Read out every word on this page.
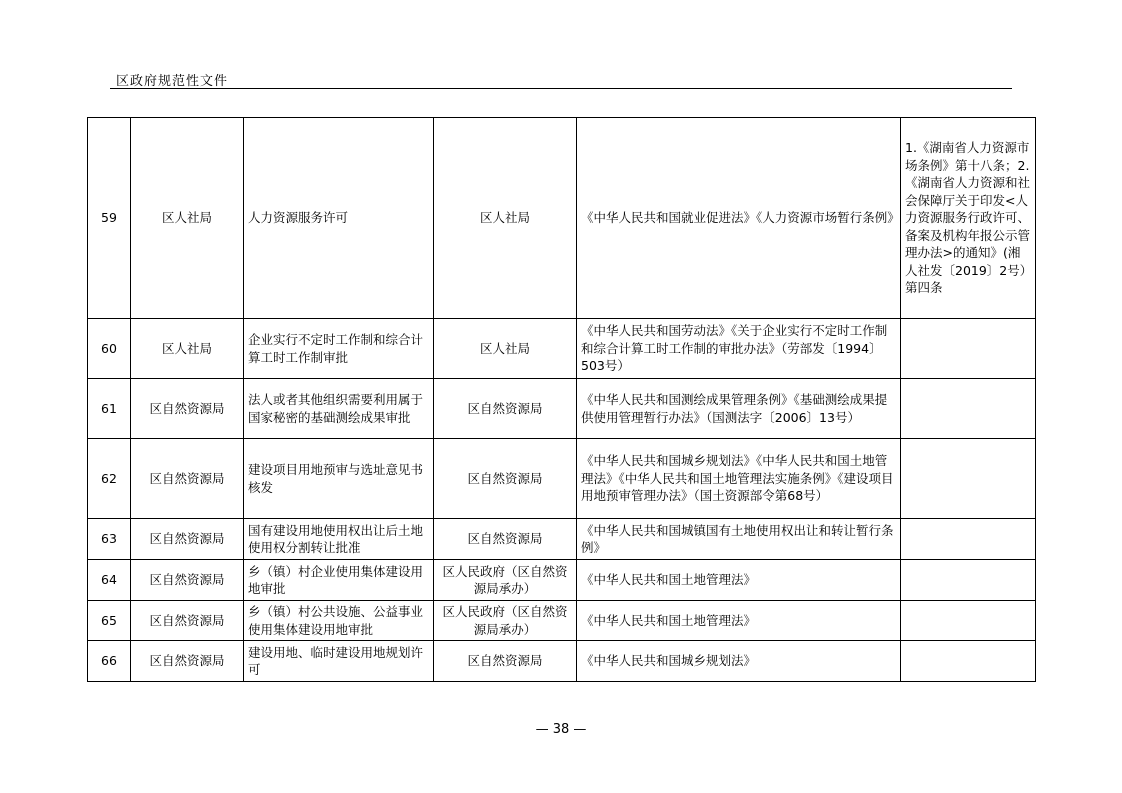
区政府规范性文件
59	区人社局	人力资源服务许可	区人社局	《中华人民共和国就业促进法》《人力资源市场暂行条例》	1.《湖南省人力资源市场条例》第十八条；2.《湖南省人力资源和社会保障厅关于印发<人力资源服务行政许可、备案及机构年报公示管理办法>的通知》(湘人社发〔2019〕2号）第四条
60	区人社局	企业实行不定时工作制和综合计算工时工作制审批	区人社局	《中华人民共和国劳动法》《关于企业实行不定时工作制和综合计算工时工作制的审批办法》（劳部发〔1994〕503号）	
61	区自然资源局	法人或者其他组织需要利用属于国家秘密的基础测绘成果审批	区自然资源局	《中华人民共和国测绘成果管理条例》《基础测绘成果提供使用管理暂行办法》（国测法字〔2006〕13号）	
62	区自然资源局	建设项目用地预审与选址意见书核发	区自然资源局	《中华人民共和国城乡规划法》《中华人民共和国土地管理法》《中华人民共和国土地管理法实施条例》《建设项目用地预审管理办法》（国土资源部令第68号）	
63	区自然资源局	国有建设用地使用权出让后土地使用权分割转让批准	区自然资源局	《中华人民共和国城镇国有土地使用权出让和转让暂行条例》	
64	区自然资源局	乡（镇）村企业使用集体建设用地审批	区人民政府（区自然资源局承办）	《中华人民共和国土地管理法》	
65	区自然资源局	乡（镇）村公共设施、公益事业使用集体建设用地审批	区人民政府（区自然资源局承办）	《中华人民共和国土地管理法》	
66	区自然资源局	建设用地、临时建设用地规划许可	区自然资源局	《中华人民共和国城乡规划法》	
— 38 —
